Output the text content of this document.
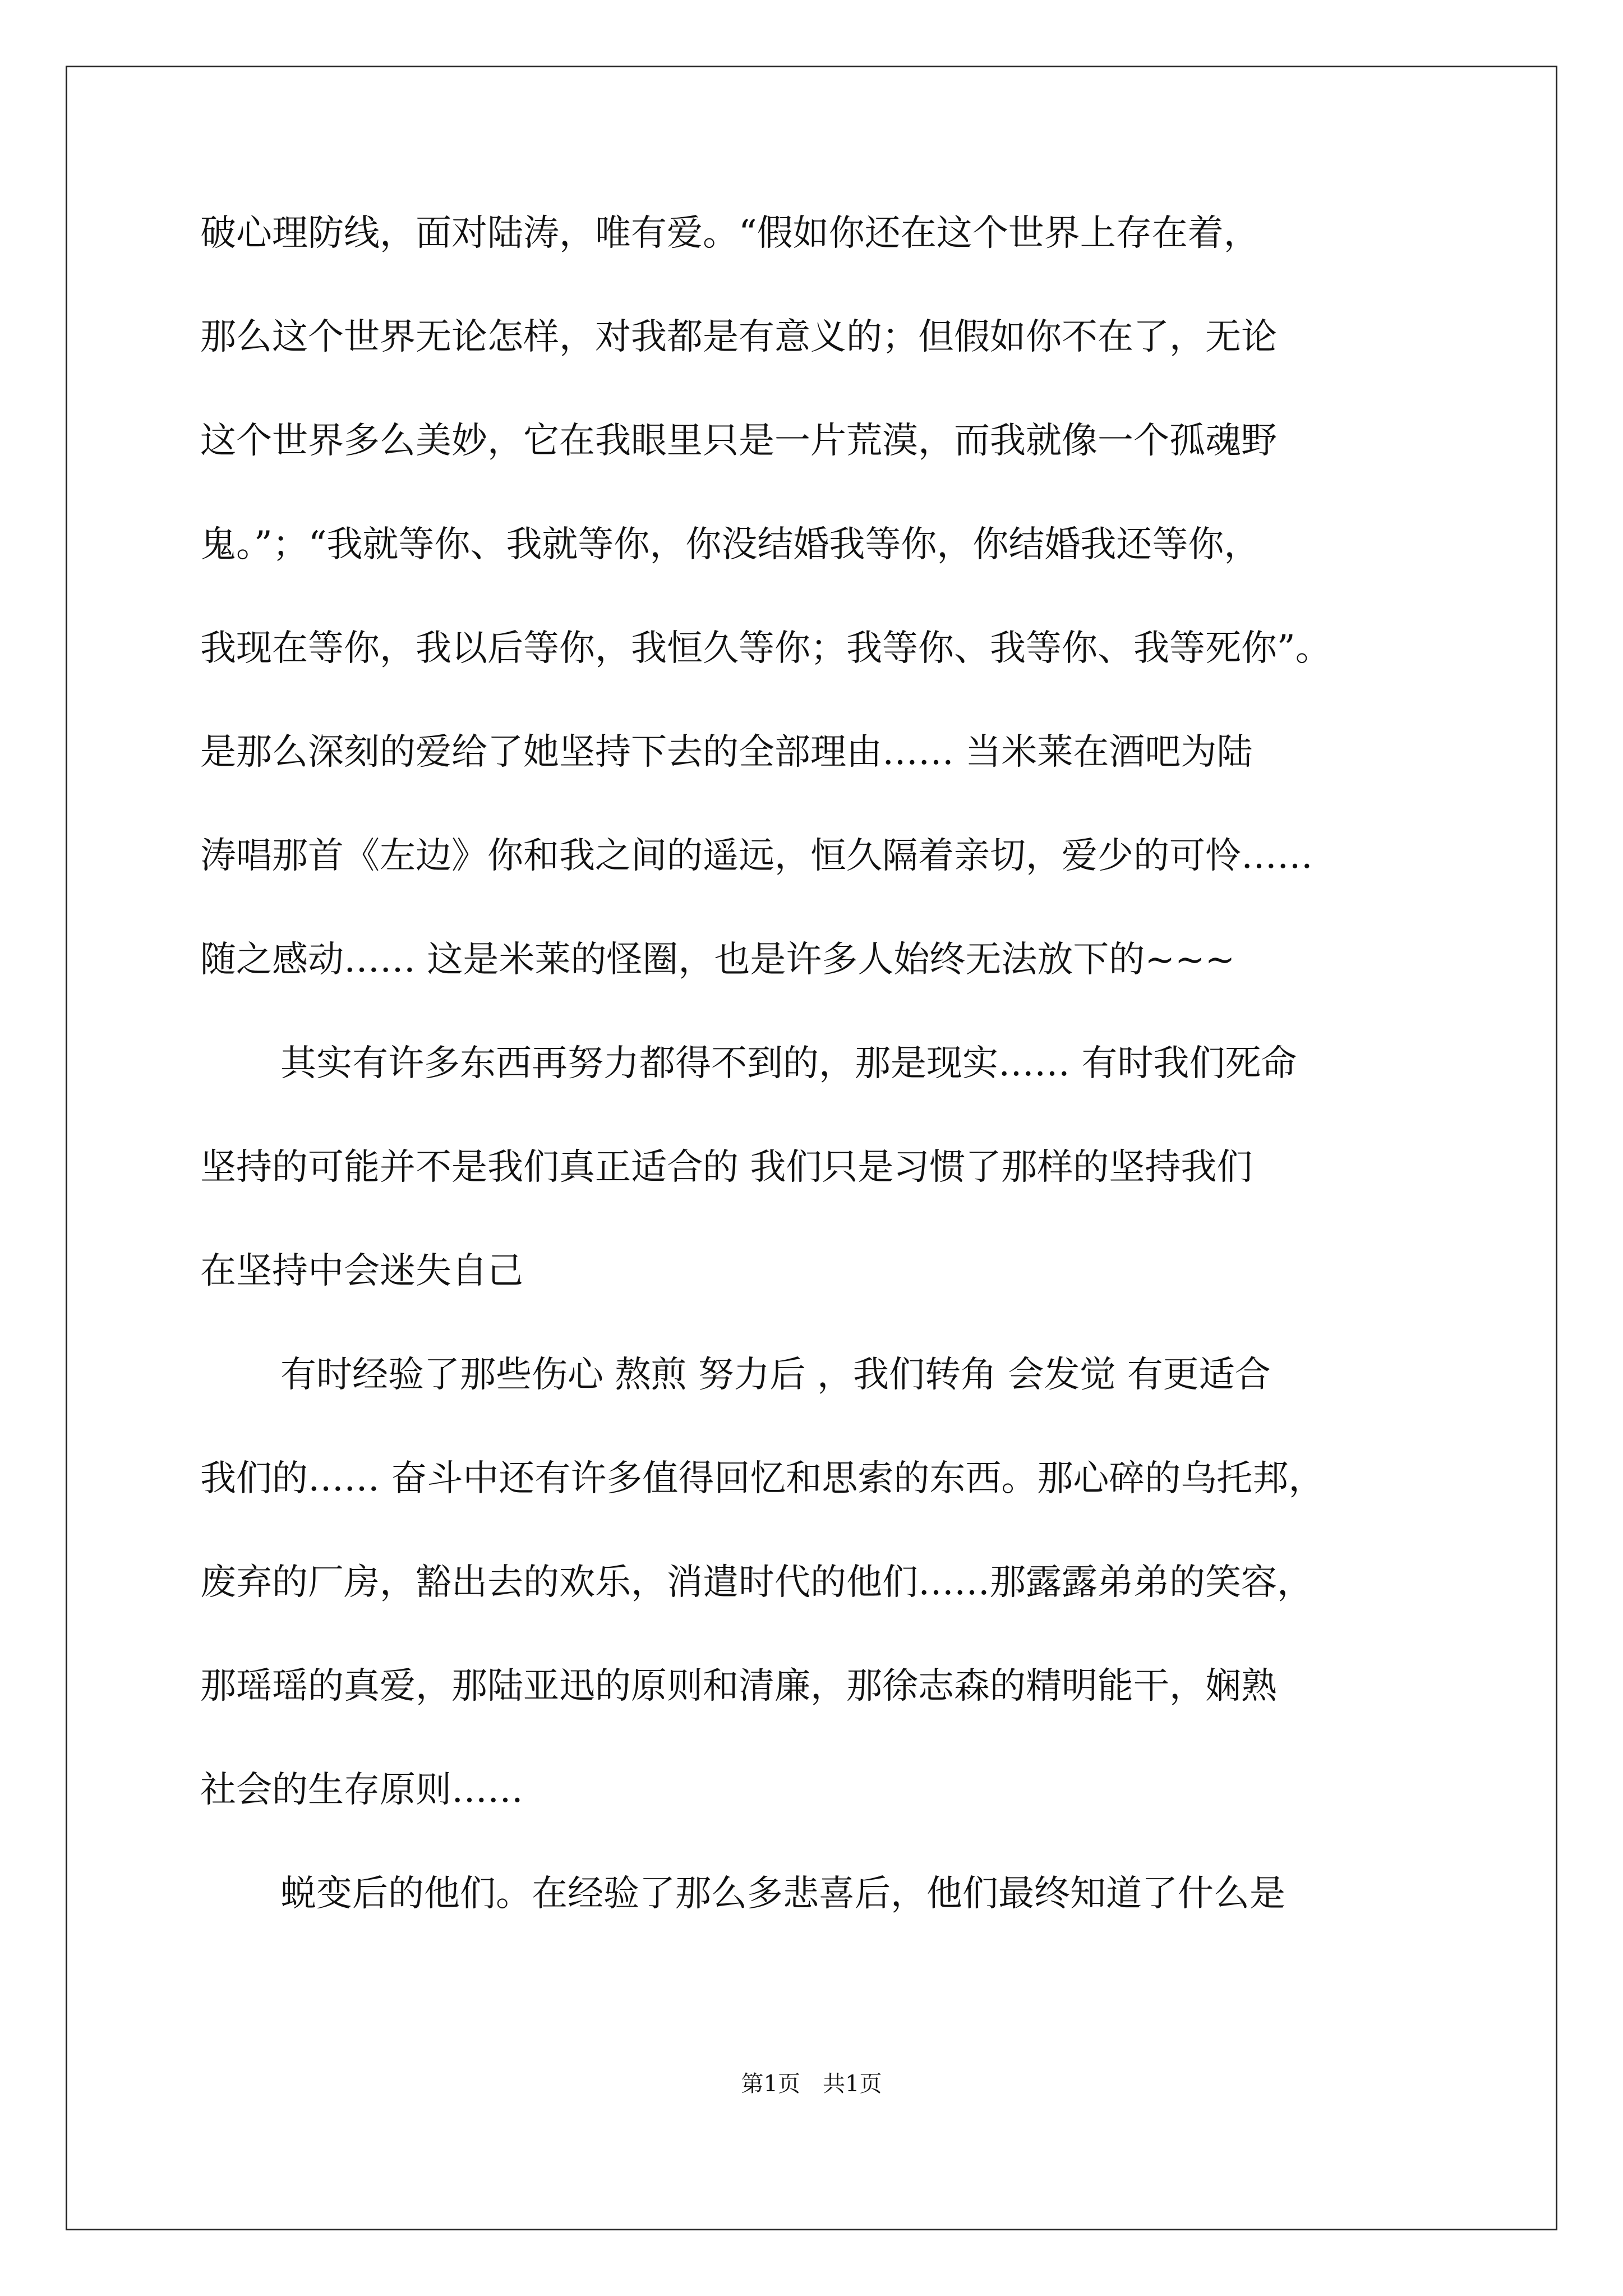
破心理防线，面对陆涛，唯有爱。“假如你还在这个世界上存在着，

那么这个世界无论怎样，对我都是有意义的；但假如你不在了，无论

这个世界多么美妙，它在我眼里只是一片荒漠，而我就像一个孤魂野

鬼。”；“我就等你、我就等你，你没结婚我等你，你结婚我还等你，

我现在等你，我以后等你，我恒久等你；我等你、我等你、我等死你”。

是那么深刻的爱给了她坚持下去的全部理由…… 当米莱在酒吧为陆

涛唱那首《左边》你和我之间的遥远，恒久隔着亲切，爱少的可怜……

随之感动…… 这是米莱的怪圈，也是许多人始终无法放下的~~~

其实有许多东西再努力都得不到的，那是现实…… 有时我们死命

坚持的可能并不是我们真正适合的 我们只是习惯了那样的坚持我们

在坚持中会迷失自己

有时经验了那些伤心 熬煎 努力后 ，我们转角 会发觉 有更适合

我们的…… 奋斗中还有许多值得回忆和思索的东西。那心碎的乌托邦，

废弃的厂房，豁出去的欢乐，消遣时代的他们……那露露弟弟的笑容，

那瑶瑶的真爱，那陆亚迅的原则和清廉，那徐志森的精明能干，娴熟

社会的生存原则……

蜕变后的他们。在经验了那么多悲喜后，他们最终知道了什么是

第1页　共1页
